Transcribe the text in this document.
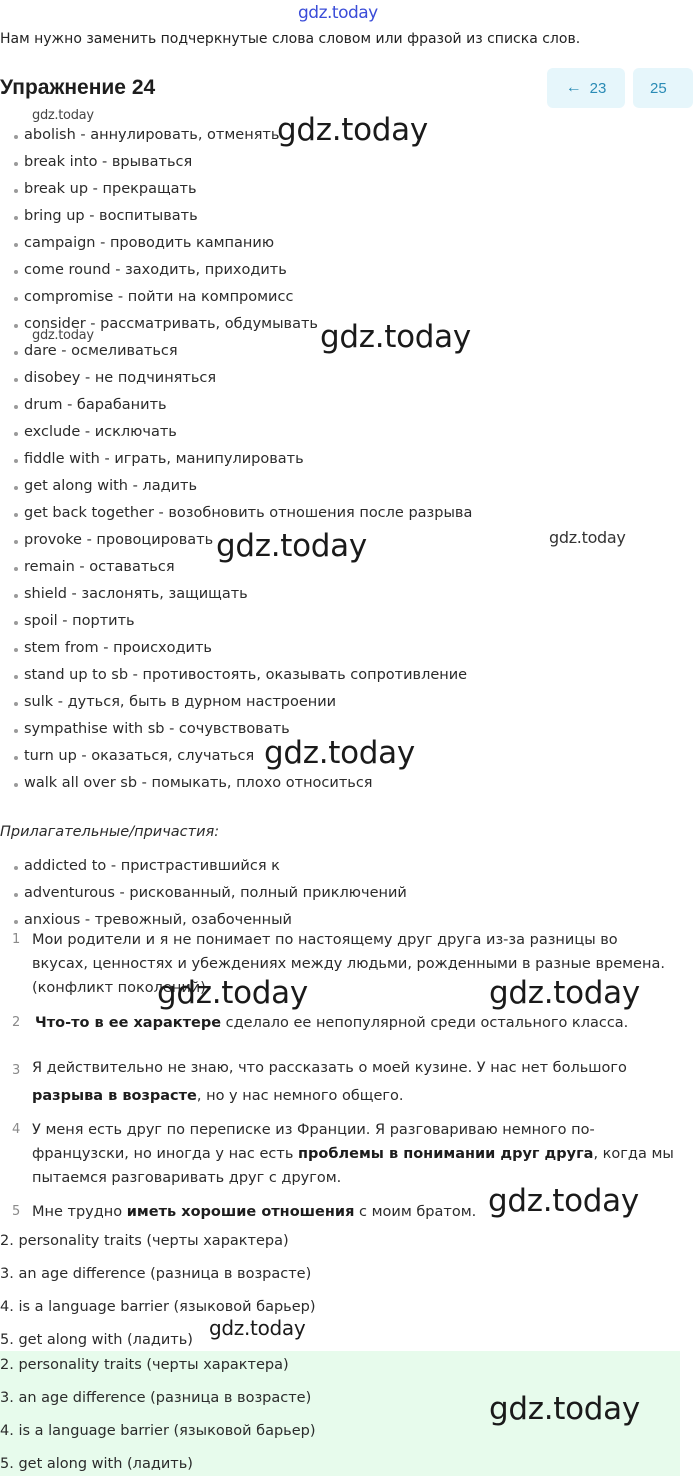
gdz.today
Нам нужно заменить подчеркнутые слова словом или фразой из списка слов.
Упражнение 24	← 23	25
abolish - аннулировать, отменять
break into - врываться
break up - прекращать
bring up - воспитывать
campaign - проводить кампанию
come round - заходить, приходить
compromise - пойти на компромисс
consider - рассматривать, обдумывать
dare - осмеливаться
disobey - не подчиняться
drum - барабанить
exclude - исключать
fiddle with - играть, манипулировать
get along with - ладить
get back together - возобновить отношения после разрыва
provoke - провоцировать
remain - оставаться
shield - заслонять, защищать
spoil - портить
stem from - происходить
stand up to sb - противостоять, оказывать сопротивление
sulk - дуться, быть в дурном настроении
sympathise with sb - сочувствовать
turn up - оказаться, случаться
walk all over sb - помыкать, плохо относиться
Прилагательные/причастия:
addicted to - пристрастившийся к
adventurous - рискованный, полный приключений
anxious - тревожный, озабоченный
1 Мои родители и я не понимает по настоящему друг друга из-за разницы во вкусах, ценностях и убеждениях между людьми, рожденными в разные времена. (конфликт поколений)
2 Что-то в ее характере сделало ее непопулярной среди остального класса.
3 Я действительно не знаю, что рассказать о моей кузине. У нас нет большого разрыва в возрасте, но у нас немного общего.
4 У меня есть друг по переписке из Франции. Я разговариваю немного по-французски, но иногда у нас есть проблемы в понимании друг друга, когда мы пытаемся разговаривать друг с другом.
5 Мне трудно иметь хорошие отношения с моим братом.
2. personality traits (черты характера)
3. an age difference (разница в возрасте)
4. is a language barrier (языковой барьер)
5. get along with (ладить)
2. personality traits (черты характера)
3. an age difference (разница в возрасте)
4. is a language barrier (языковой барьер)
5. get along with (ладить)
gdz.today	gdz.today
gdz.today
gdz.today
gdz.today
gdz.today
gdz.today
gdz.today	gdz.today
gdz.today
gdz.today
gdz.today
